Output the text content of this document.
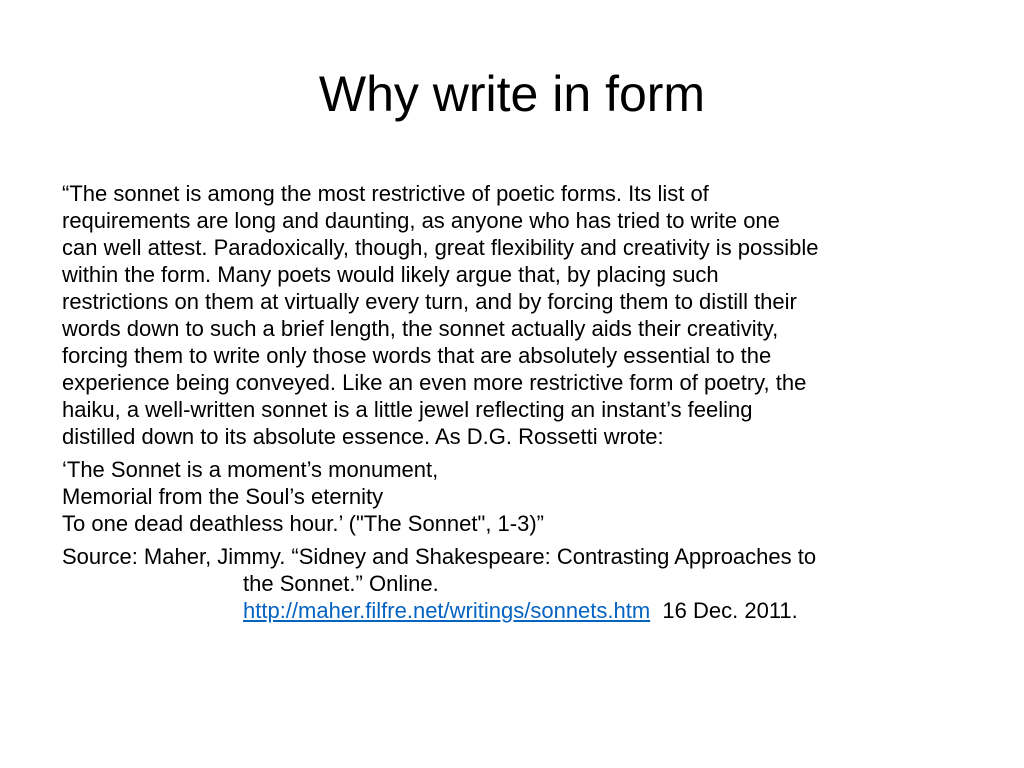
Why write in form

“The sonnet is among the most restrictive of poetic forms. Its list of
requirements are long and daunting, as anyone who has tried to write one
can well attest. Paradoxically, though, great flexibility and creativity is possible
within the form. Many poets would likely argue that, by placing such
restrictions on them at virtually every turn, and by forcing them to distill their
words down to such a brief length, the sonnet actually aids their creativity,
forcing them to write only those words that are absolutely essential to the
experience being conveyed. Like an even more restrictive form of poetry, the
haiku, a well-written sonnet is a little jewel reflecting an instant’s feeling
distilled down to its absolute essence. As D.G. Rossetti wrote:

‘The Sonnet is a moment’s monument,
Memorial from the Soul’s eternity
To one dead deathless hour.’ ("The Sonnet", 1-3)”

Source: Maher, Jimmy. “Sidney and Shakespeare: Contrasting Approaches to
the Sonnet.” Online.
http://maher.filfre.net/writings/sonnets.htm  16 Dec. 2011.
